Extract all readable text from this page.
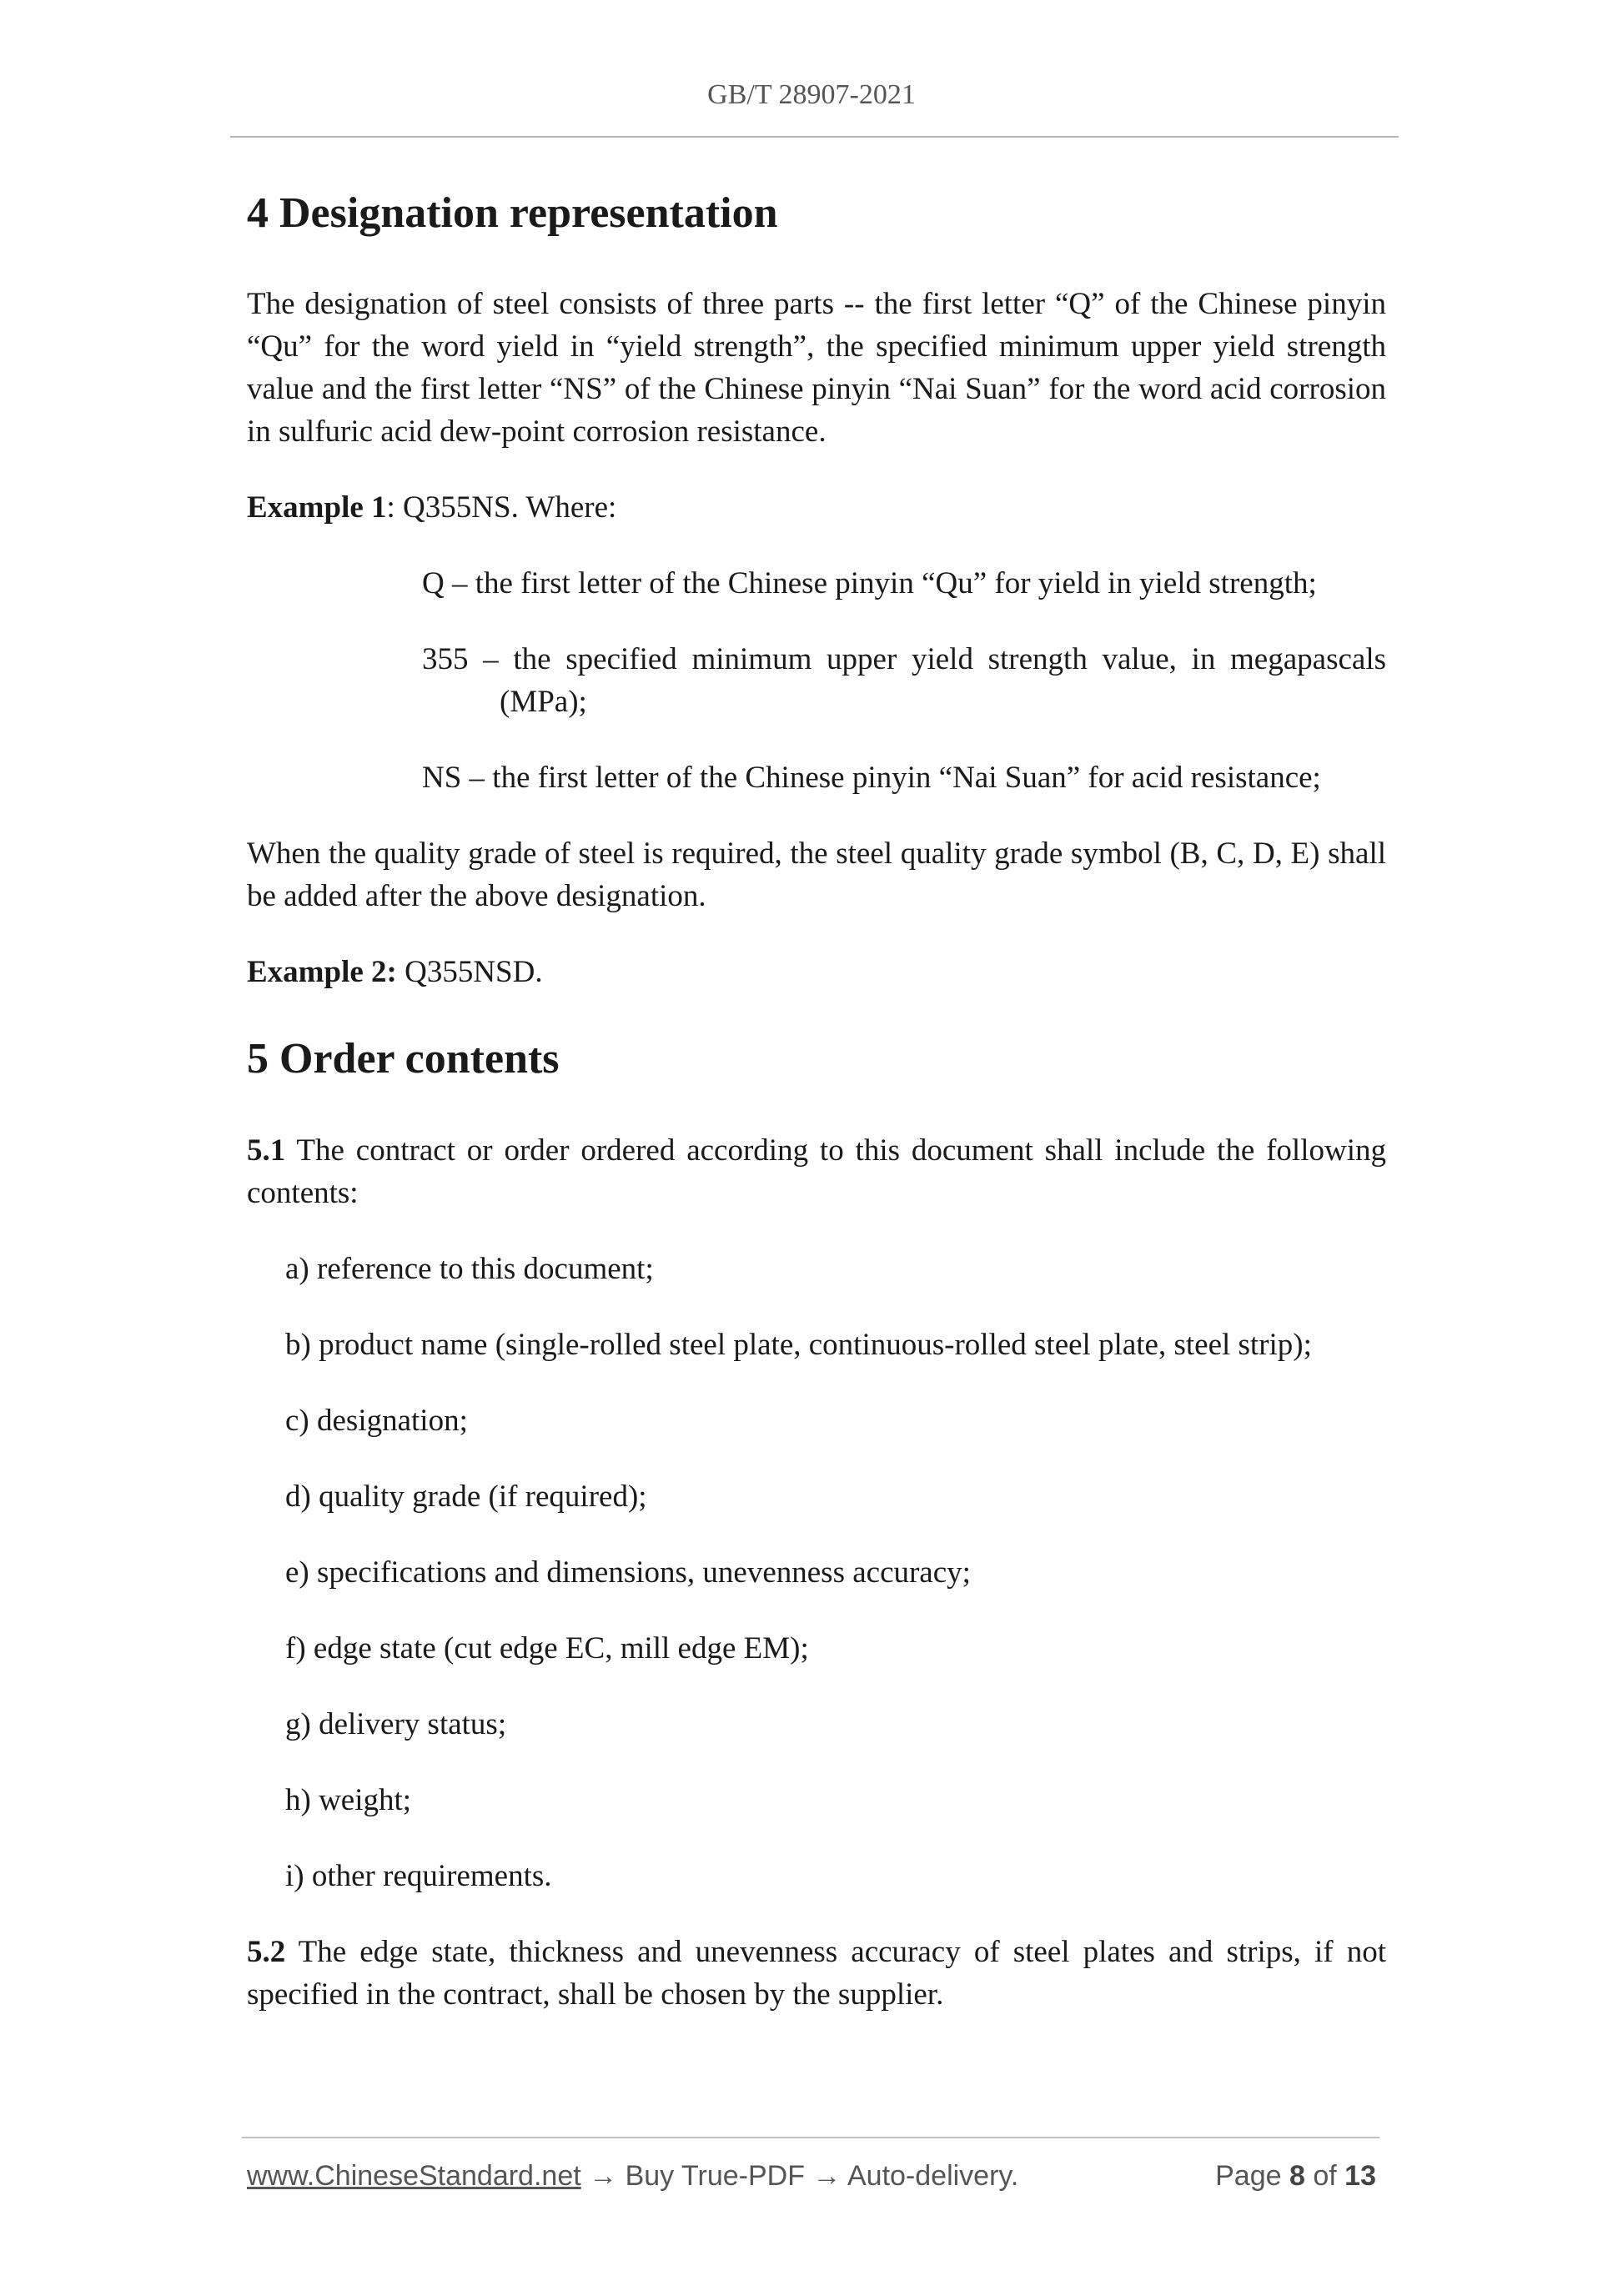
GB/T 28907-2021
4 Designation representation

The designation of steel consists of three parts -- the first letter “Q” of the Chinese pinyin “Qu” for the word yield in “yield strength”, the specified minimum upper yield strength value and the first letter “NS” of the Chinese pinyin “Nai Suan” for the word acid corrosion in sulfuric acid dew-point corrosion resistance.

Example 1: Q355NS. Where:

Q – the first letter of the Chinese pinyin “Qu” for yield in yield strength;

355 – the specified minimum upper yield strength value, in megapascals (MPa);

NS – the first letter of the Chinese pinyin “Nai Suan” for acid resistance;

When the quality grade of steel is required, the steel quality grade symbol (B, C, D, E) shall be added after the above designation.

Example 2: Q355NSD.

5 Order contents

5.1 The contract or order ordered according to this document shall include the following contents:

a) reference to this document;

b) product name (single-rolled steel plate, continuous-rolled steel plate, steel strip);

c) designation;

d) quality grade (if required);

e) specifications and dimensions, unevenness accuracy;

f) edge state (cut edge EC, mill edge EM);

g) delivery status;

h) weight;

i) other requirements.

5.2 The edge state, thickness and unevenness accuracy of steel plates and strips, if not specified in the contract, shall be chosen by the supplier.

www.ChineseStandard.net → Buy True-PDF → Auto-delivery.	Page 8 of 13
